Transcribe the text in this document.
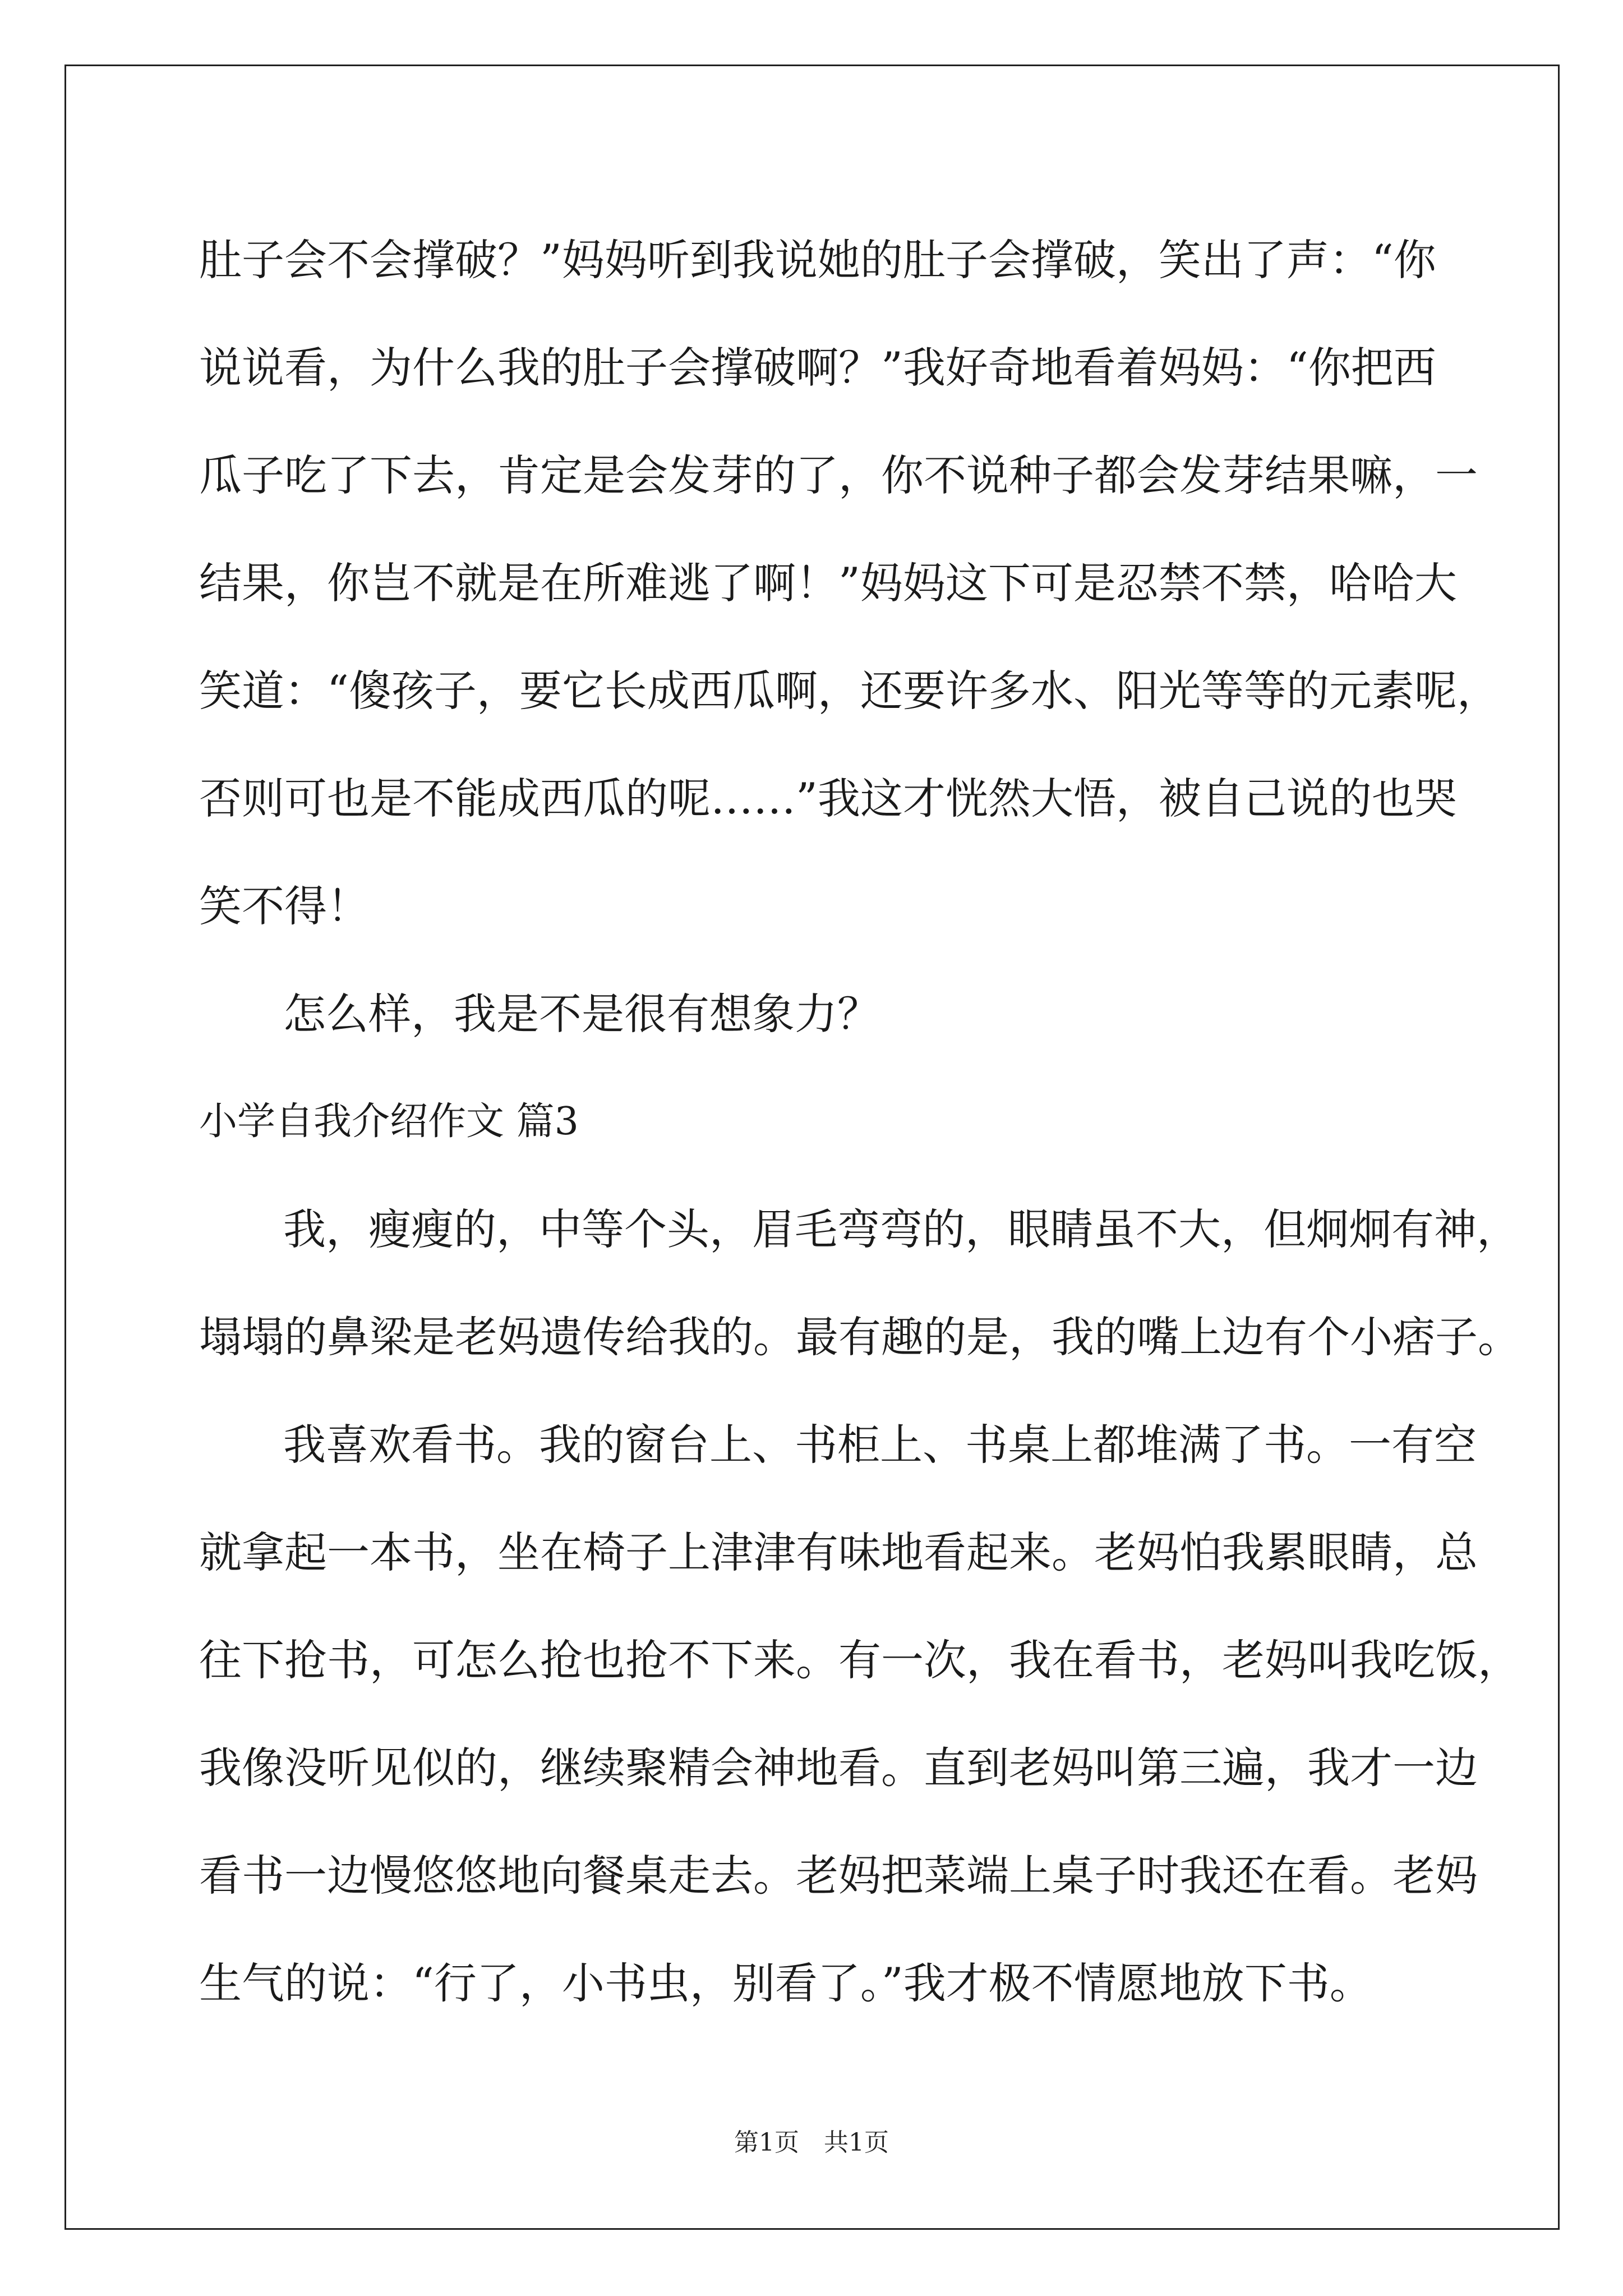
肚子会不会撑破？”妈妈听到我说她的肚子会撑破，笑出了声：“你
说说看，为什么我的肚子会撑破啊？”我好奇地看着妈妈：“你把西
瓜子吃了下去，肯定是会发芽的了，你不说种子都会发芽结果嘛，一
结果，你岂不就是在所难逃了啊！”妈妈这下可是忍禁不禁，哈哈大
笑道：“傻孩子，要它长成西瓜啊，还要许多水、阳光等等的元素呢，
否则可也是不能成西瓜的呢……”我这才恍然大悟，被自己说的也哭
笑不得！
怎么样，我是不是很有想象力？
小学自我介绍作文 篇3
我，瘦瘦的，中等个头，眉毛弯弯的，眼睛虽不大，但炯炯有神，
塌塌的鼻梁是老妈遗传给我的。最有趣的是，我的嘴上边有个小痞子。
我喜欢看书。我的窗台上、书柜上、书桌上都堆满了书。一有空
就拿起一本书，坐在椅子上津津有味地看起来。老妈怕我累眼睛，总
往下抢书，可怎么抢也抢不下来。有一次，我在看书，老妈叫我吃饭，
我像没听见似的，继续聚精会神地看。直到老妈叫第三遍，我才一边
看书一边慢悠悠地向餐桌走去。老妈把菜端上桌子时我还在看。老妈
生气的说：“行了，小书虫，别看了。”我才极不情愿地放下书。
第1页　共1页
